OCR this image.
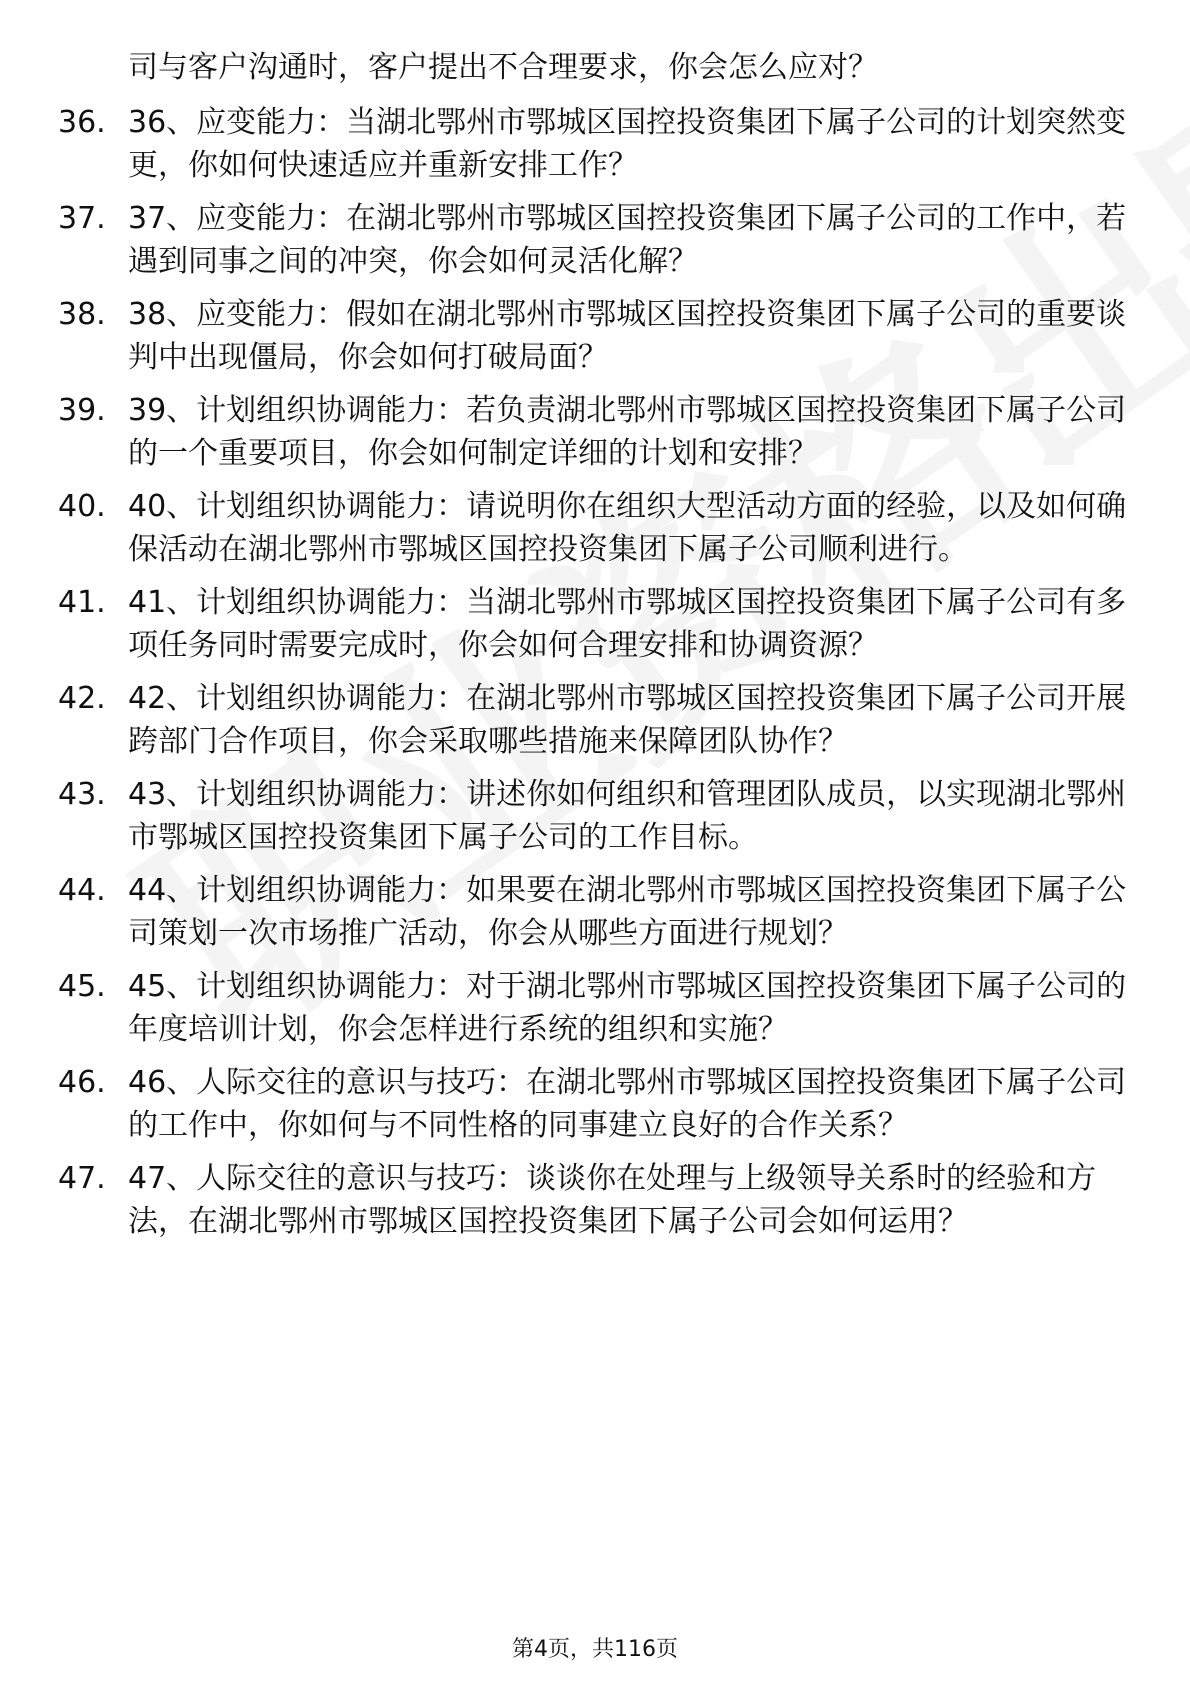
司与客户沟通时，客户提出不合理要求，你会怎么应对？
36. 36、应变能力：当湖北鄂州市鄂城区国控投资集团下属子公司的计划突然变更，你如何快速适应并重新安排工作？
37. 37、应变能力：在湖北鄂州市鄂城区国控投资集团下属子公司的工作中，若遇到同事之间的冲突，你会如何灵活化解？
38. 38、应变能力：假如在湖北鄂州市鄂城区国控投资集团下属子公司的重要谈判中出现僵局，你会如何打破局面？
39. 39、计划组织协调能力：若负责湖北鄂州市鄂城区国控投资集团下属子公司的一个重要项目，你会如何制定详细的计划和安排？
40. 40、计划组织协调能力：请说明你在组织大型活动方面的经验，以及如何确保活动在湖北鄂州市鄂城区国控投资集团下属子公司顺利进行。
41. 41、计划组织协调能力：当湖北鄂州市鄂城区国控投资集团下属子公司有多项任务同时需要完成时，你会如何合理安排和协调资源？
42. 42、计划组织协调能力：在湖北鄂州市鄂城区国控投资集团下属子公司开展跨部门合作项目，你会采取哪些措施来保障团队协作？
43. 43、计划组织协调能力：讲述你如何组织和管理团队成员，以实现湖北鄂州市鄂城区国控投资集团下属子公司的工作目标。
44. 44、计划组织协调能力：如果要在湖北鄂州市鄂城区国控投资集团下属子公司策划一次市场推广活动，你会从哪些方面进行规划？
45. 45、计划组织协调能力：对于湖北鄂州市鄂城区国控投资集团下属子公司的年度培训计划，你会怎样进行系统的组织和实施？
46. 46、人际交往的意识与技巧：在湖北鄂州市鄂城区国控投资集团下属子公司的工作中，你如何与不同性格的同事建立良好的合作关系？
47. 47、人际交往的意识与技巧：谈谈你在处理与上级领导关系时的经验和方法，在湖北鄂州市鄂城区国控投资集团下属子公司会如何运用？
第4页，共116页
